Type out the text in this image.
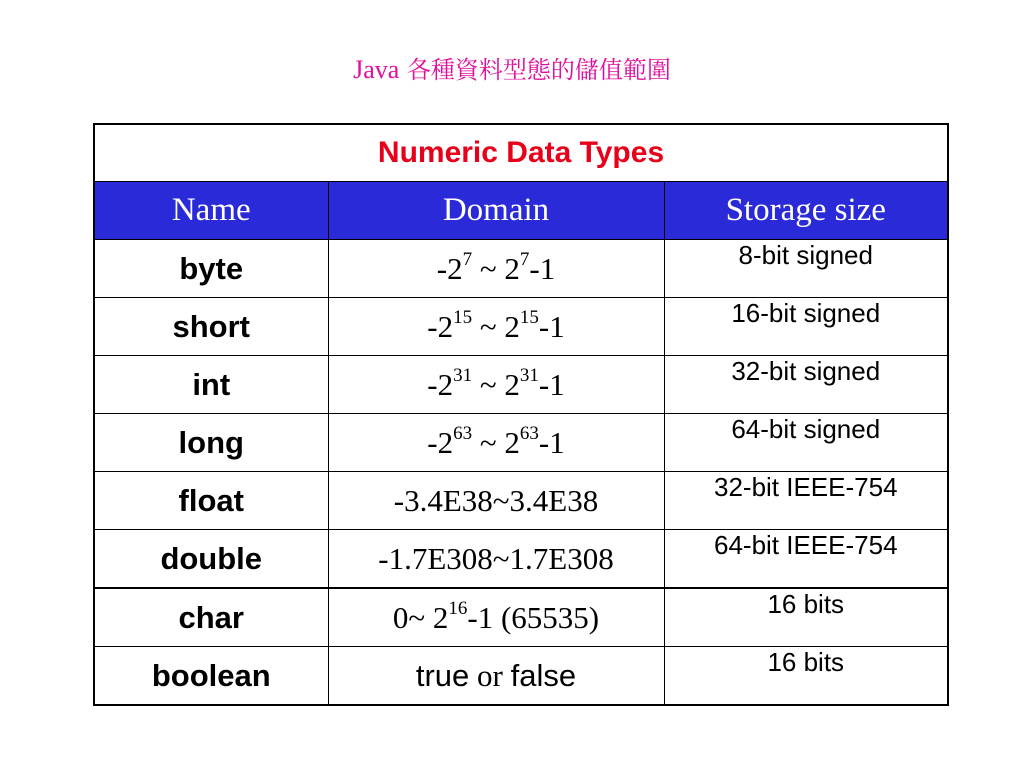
Java 各種資料型態的儲值範圍
Numeric Data Types		
Name	Domain	Storage size
byte	$-2^7$ ~ $2^7-1$	8-bit signed
short	$-2^{15}$ ~ $2^{15}-1$	16-bit signed
int	$-2^{31}$ ~ $2^{31}-1$	32-bit signed
long	$-2^{63}$ ~ $2^{63}-1$	64-bit signed
float	-3.4E38~3.4E38	32-bit IEEE-754
double	-1.7E308~1.7E308	64-bit IEEE-754
char	0~ $2^{16}-1$ (65535)	16 bits
boolean	true or false	16 bits
